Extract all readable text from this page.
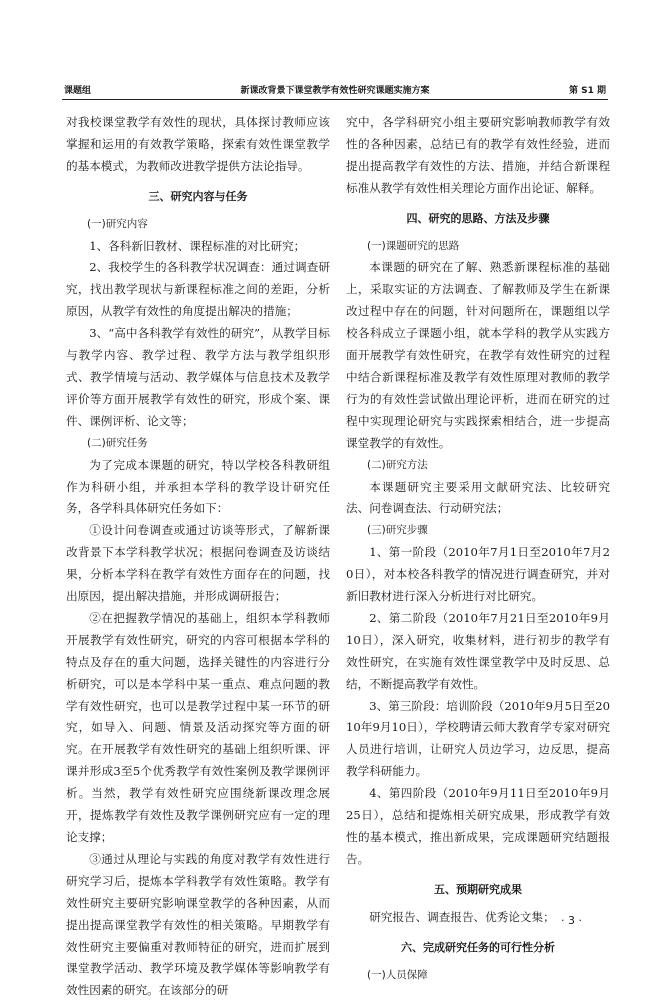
课题组	新课改背景下课堂教学有效性研究课题实施方案	第 S1 期

对我校课堂教学有效性的现状，具体探讨教师应该掌握和运用的有效教学策略，探索有效性课堂教学的基本模式，为教师改进教学提供方法论指导。

三、研究内容与任务

(一)研究内容

1、各科新旧教材、课程标准的对比研究；

2、我校学生的各科教学状况调查：通过调查研究，找出教学现状与新课程标准之间的差距，分析原因，从教学有效性的角度提出解决的措施；

3、“高中各科教学有效性的研究”，从教学目标与教学内容、教学过程、教学方法与教学组织形式、教学情境与活动、教学媒体与信息技术及教学评价等方面开展教学有效性的研究，形成个案、课件、课例评析、论文等；

(二)研究任务

为了完成本课题的研究，特以学校各科教研组作为科研小组，并承担本学科的教学设计研究任务，各学科具体研究任务如下：

①设计问卷调查或通过访谈等形式，了解新课改背景下本学科教学状况；根据问卷调查及访谈结果，分析本学科在教学有效性方面存在的问题，找出原因，提出解决措施，并形成调研报告；

②在把握教学情况的基础上，组织本学科教师开展教学有效性研究，研究的内容可根据本学科的特点及存在的重大问题，选择关键性的内容进行分析研究，可以是本学科中某一重点、难点问题的教学有效性研究，也可以是教学过程中某一环节的研究，如导入、问题、情景及活动探究等方面的研究。在开展教学有效性研究的基础上组织听课、评课并形成3至5个优秀教学有效性案例及教学课例评析。当然，教学有效性研究应围绕新课改理念展开，提炼教学有效性及教学课例研究应有一定的理论支撑；

③通过从理论与实践的角度对教学有效性进行研究学习后，提炼本学科教学有效性策略。教学有效性研究主要研究影响课堂教学的各种因素，从而提出提高课堂教学有效性的相关策略。早期教学有效性研究主要偏重对教师特征的研究，进而扩展到课堂教学活动、教学环境及教学媒体等影响教学有效性因素的研究。在该部分的研

究中，各学科研究小组主要研究影响教师教学有效性的各种因素，总结已有的教学有效性经验，进而提出提高教学有效性的方法、措施，并结合新课程标准从教学有效性相关理论方面作出论证、解释。

四、研究的思路、方法及步骤

(一)课题研究的思路

本课题的研究在了解、熟悉新课程标准的基础上，采取实证的方法调查、了解教师及学生在新课改过程中存在的问题，针对问题所在，课题组以学校各科成立子课题小组，就本学科的教学从实践方面开展教学有效性研究，在教学有效性研究的过程中结合新课程标准及教学有效性原理对教师的教学行为的有效性尝试做出理论评析，进而在研究的过程中实现理论研究与实践探索相结合，进一步提高课堂教学的有效性。

(二)研究方法

本课题研究主要采用文献研究法、比较研究法、问卷调查法、行动研究法；

(三)研究步骤

1、第一阶段（2010年7月1日至2010年7月20日），对本校各科教学的情况进行调查研究，并对新旧教材进行深入分析进行对比研究。

2、第二阶段（2010年7月21日至2010年9月10日），深入研究，收集材料，进行初步的教学有效性研究，在实施有效性课堂教学中及时反思、总结，不断提高教学有效性。

3、第三阶段：培训阶段（2010年9月5日至2010年9月10日），学校聘请云师大教育学专家对研究人员进行培训，让研究人员边学习，边反思，提高教学科研能力。

4、第四阶段（2010年9月11日至2010年9月25日），总结和提炼相关研究成果，形成教学有效性的基本模式，推出新成果，完成课题研究结题报告。

五、预期研究成果

研究报告、调查报告、优秀论文集；

六、完成研究任务的可行性分析

(一)人员保障

· 3 ·
